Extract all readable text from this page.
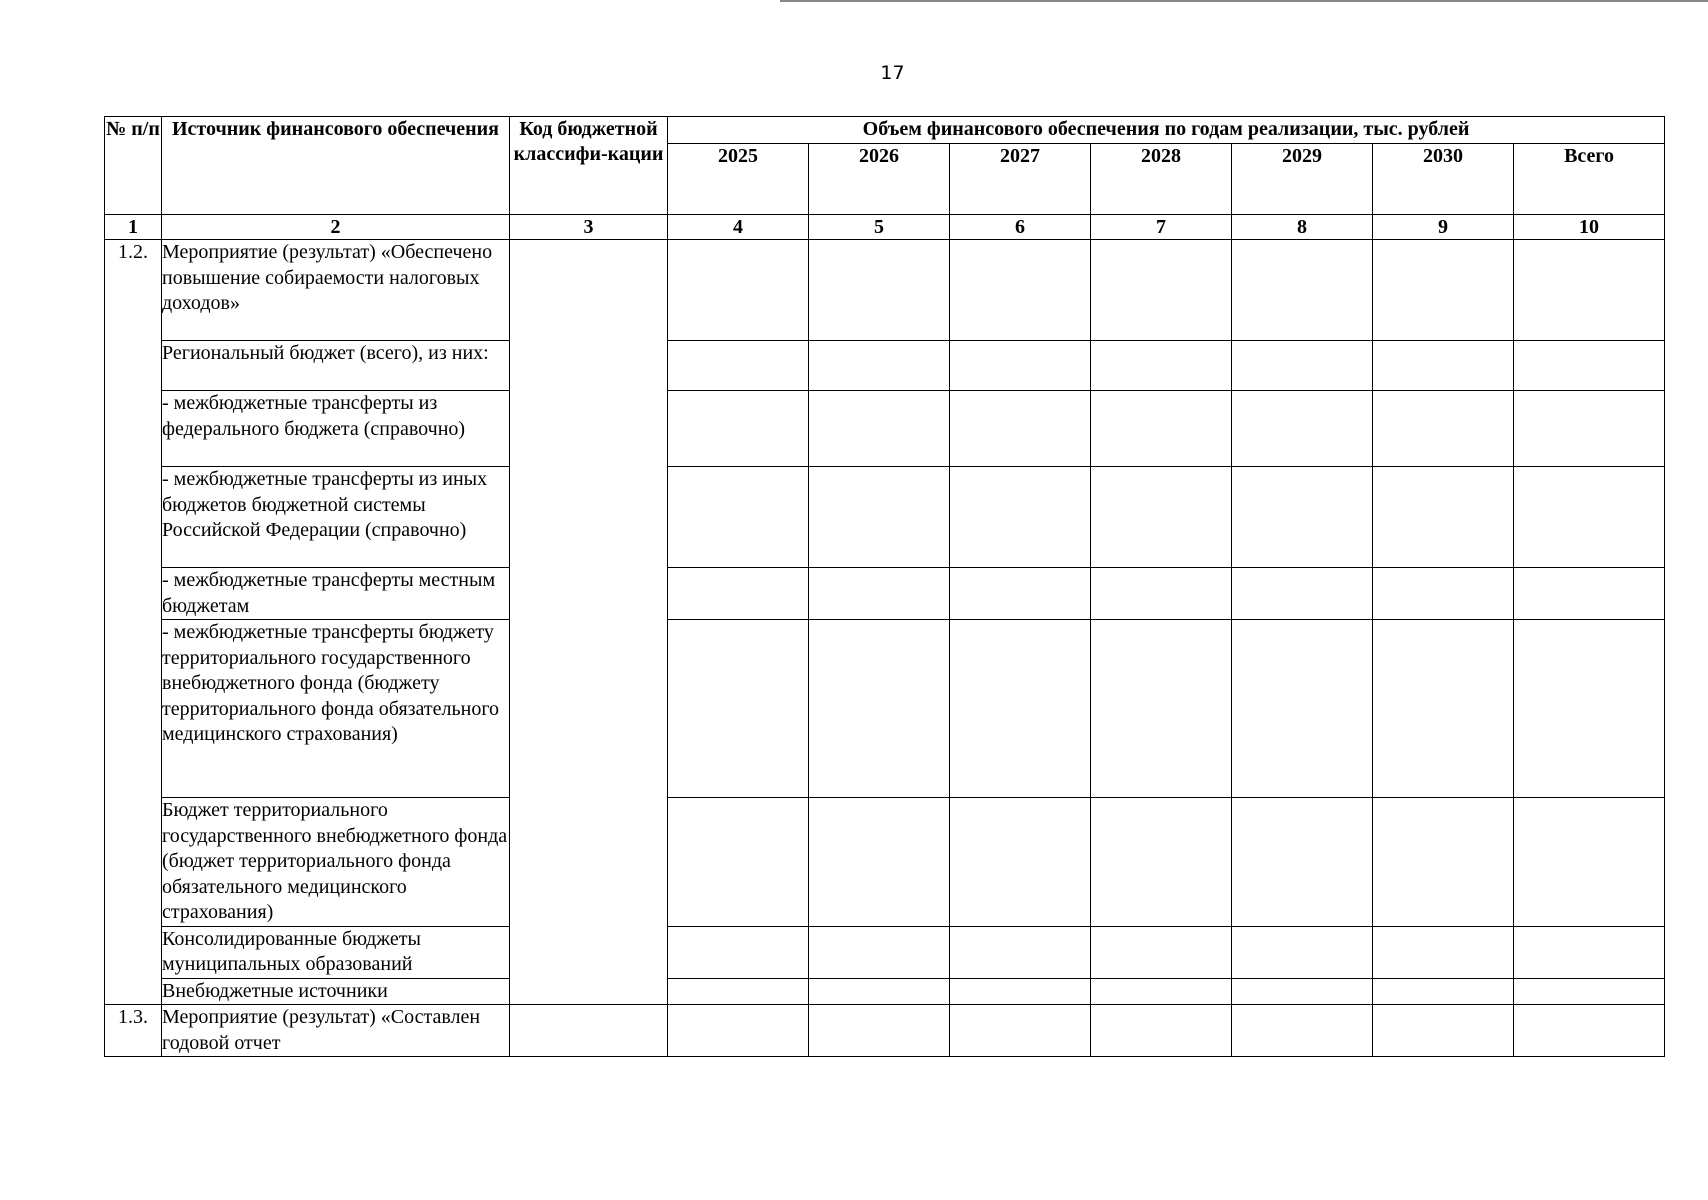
17
№ п/п	Источник финансового обеспечения	Код бюджетной классифи-кации	Объем финансового обеспечения по годам реализации, тыс. рублей						
			2025	2026	2027	2028	2029	2030	Всего
1	2	3	4	5	6	7	8	9	10
1.2.	Мероприятие (результат) «Обеспечено повышение собираемости налоговых доходов»								
	Региональный бюджет (всего), из них:								
	- межбюджетные трансферты из федерального бюджета (справочно)								
	- межбюджетные трансферты из иных бюджетов бюджетной системы Российской Федерации (справочно)								
	- межбюджетные трансферты местным бюджетам								
	- межбюджетные трансферты бюджету территориального государственного внебюджетного фонда (бюджету территориального фонда обязательного медицинского страхования)								
	Бюджет территориального государственного внебюджетного фонда (бюджет территориального фонда обязательного медицинского страхования)								
	Консолидированные бюджеты муниципальных образований								
	Внебюджетные источники								
1.3.	Мероприятие (результат) «Составлен годовой отчет								
